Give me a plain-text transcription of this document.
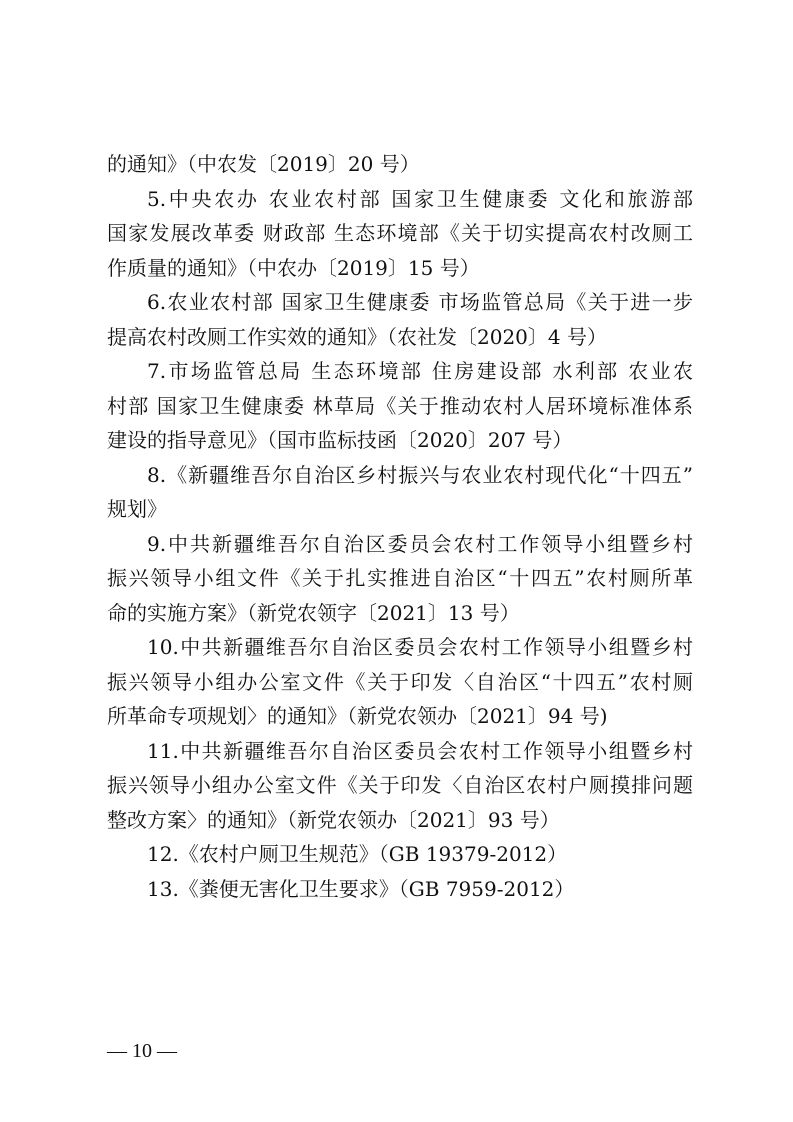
的通知》（中农发〔2019〕20 号）
5.中央农办 农业农村部 国家卫生健康委 文化和旅游部
国家发展改革委 财政部 生态环境部《关于切实提高农村改厕工
作质量的通知》（中农办〔2019〕15 号）
6.农业农村部 国家卫生健康委 市场监管总局《关于进一步
提高农村改厕工作实效的通知》（农社发〔2020〕4 号）
7.市场监管总局 生态环境部 住房建设部 水利部 农业农
村部 国家卫生健康委 林草局《关于推动农村人居环境标准体系
建设的指导意见》（国市监标技函〔2020〕207 号）
8.《新疆维吾尔自治区乡村振兴与农业农村现代化“十四五”
规划》
9.中共新疆维吾尔自治区委员会农村工作领导小组暨乡村
振兴领导小组文件《关于扎实推进自治区“十四五”农村厕所革
命的实施方案》（新党农领字〔2021〕13 号）
10.中共新疆维吾尔自治区委员会农村工作领导小组暨乡村
振兴领导小组办公室文件《关于印发〈自治区“十四五”农村厕
所革命专项规划〉的通知》（新党农领办〔2021〕94 号)
11.中共新疆维吾尔自治区委员会农村工作领导小组暨乡村
振兴领导小组办公室文件《关于印发〈自治区农村户厕摸排问题
整改方案〉的通知》（新党农领办〔2021〕93 号）
12.《农村户厕卫生规范》（GB 19379-2012）
13.《粪便无害化卫生要求》（GB 7959-2012）
— 10 —
